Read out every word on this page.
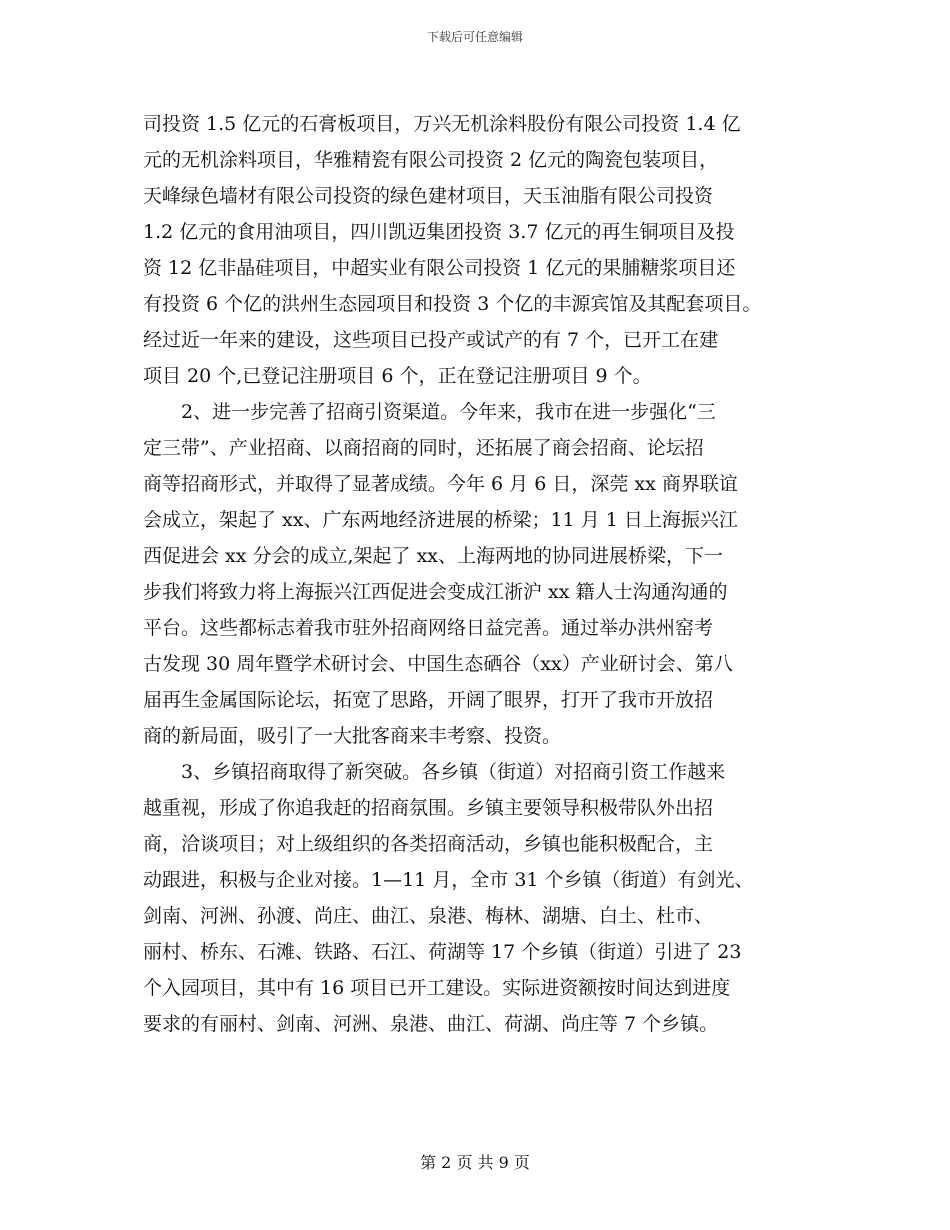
下载后可任意编辑
司投资 1.5 亿元的石膏板项目，万兴无机涂料股份有限公司投资 1.4 亿
元的无机涂料项目，华雅精瓷有限公司投资 2 亿元的陶瓷包装项目，
天峰绿色墙材有限公司投资的绿色建材项目，天玉油脂有限公司投资
1.2 亿元的食用油项目，四川凯迈集团投资 3.7 亿元的再生铜项目及投
资 12 亿非晶硅项目，中超实业有限公司投资 1 亿元的果脯糖浆项目还
有投资 6 个亿的洪州生态园项目和投资 3 个亿的丰源宾馆及其配套项目。
经过近一年来的建设，这些项目已投产或试产的有 7 个，已开工在建
项目 20 个,已登记注册项目 6 个，正在登记注册项目 9 个。
2、进一步完善了招商引资渠道。今年来，我市在进一步强化“三
定三带”、产业招商、以商招商的同时，还拓展了商会招商、论坛招
商等招商形式，并取得了显著成绩。今年 6 月 6 日，深莞 xx 商界联谊
会成立，架起了 xx、广东两地经济进展的桥梁；11 月 1 日上海振兴江
西促进会 xx 分会的成立,架起了 xx、上海两地的协同进展桥梁，下一
步我们将致力将上海振兴江西促进会变成江浙沪 xx 籍人士沟通沟通的
平台。这些都标志着我市驻外招商网络日益完善。通过举办洪州窑考
古发现 30 周年暨学术研讨会、中国生态硒谷（xx）产业研讨会、第八
届再生金属国际论坛，拓宽了思路，开阔了眼界，打开了我市开放招
商的新局面，吸引了一大批客商来丰考察、投资。
3、乡镇招商取得了新突破。各乡镇（街道）对招商引资工作越来
越重视，形成了你追我赶的招商氛围。乡镇主要领导积极带队外出招
商，洽谈项目；对上级组织的各类招商活动，乡镇也能积极配合，主
动跟进，积极与企业对接。1—11 月，全市 31 个乡镇（街道）有剑光、
剑南、河洲、孙渡、尚庄、曲江、泉港、梅林、湖塘、白土、杜市、
丽村、桥东、石滩、铁路、石江、荷湖等 17 个乡镇（街道）引进了 23
个入园项目，其中有 16 项目已开工建设。实际进资额按时间达到进度
要求的有丽村、剑南、河洲、泉港、曲江、荷湖、尚庄等 7 个乡镇。
第 2 页 共 9 页
